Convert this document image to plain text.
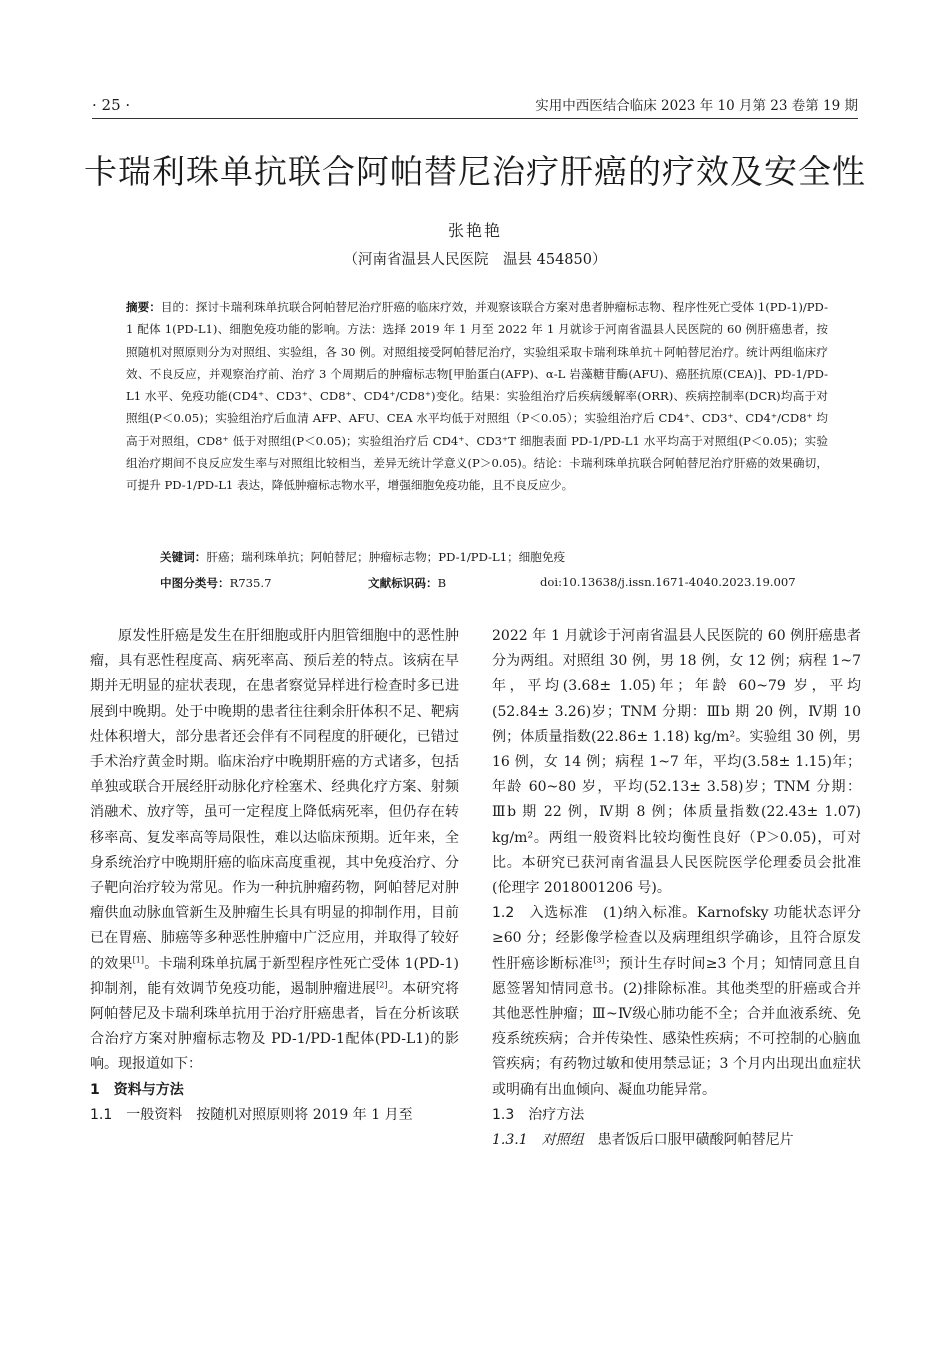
· 25 ·	实用中西医结合临床 2023 年 10 月第 23 卷第 19 期
卡瑞利珠单抗联合阿帕替尼治疗肝癌的疗效及安全性
张艳艳
（河南省温县人民医院　温县 454850）
摘要：目的：探讨卡瑞利珠单抗联合阿帕替尼治疗肝癌的临床疗效，并观察该联合方案对患者肿瘤标志物、程序性死亡受体 1(PD-1)/PD-1 配体 1(PD-L1)、细胞免疫功能的影响。方法：选择 2019 年 1 月至 2022 年 1 月就诊于河南省温县人民医院的 60 例肝癌患者，按照随机对照原则分为对照组、实验组，各 30 例。对照组接受阿帕替尼治疗，实验组采取卡瑞利珠单抗＋阿帕替尼治疗。统计两组临床疗效、不良反应，并观察治疗前、治疗 3 个周期后的肿瘤标志物[甲胎蛋白(AFP)、α-L 岩藻糖苷酶(AFU)、癌胚抗原(CEA)]、PD-1/PD-L1 水平、免疫功能(CD4⁺、CD3⁺、CD8⁺、CD4⁺/CD8⁺)变化。结果：实验组治疗后疾病缓解率(ORR)、疾病控制率(DCR)均高于对照组(P＜0.05)；实验组治疗后血清 AFP、AFU、CEA 水平均低于对照组（P＜0.05）；实验组治疗后 CD4⁺、CD3⁺、CD4⁺/CD8⁺ 均高于对照组，CD8⁺ 低于对照组(P＜0.05)；实验组治疗后 CD4⁺、CD3⁺T 细胞表面 PD-1/PD-L1 水平均高于对照组(P＜0.05)；实验组治疗期间不良反应发生率与对照组比较相当，差异无统计学意义(P＞0.05)。结论：卡瑞利珠单抗联合阿帕替尼治疗肝癌的效果确切，可提升 PD-1/PD-L1 表达，降低肿瘤标志物水平，增强细胞免疫功能，且不良反应少。
关键词：肝癌；瑞利珠单抗；阿帕替尼；肿瘤标志物；PD-1/PD-L1；细胞免疫
中图分类号：R735.7	文献标识码：B	doi:10.13638/j.issn.1671-4040.2023.19.007

原发性肝癌是发生在肝细胞或肝内胆管细胞中的恶性肿瘤，具有恶性程度高、病死率高、预后差的特点。该病在早期并无明显的症状表现，在患者察觉异样进行检查时多已进展到中晚期。处于中晚期的患者往往剩余肝体积不足、靶病灶体积增大，部分患者还会伴有不同程度的肝硬化，已错过手术治疗黄金时期。临床治疗中晚期肝癌的方式诸多，包括单独或联合开展经肝动脉化疗栓塞术、经典化疗方案、射频消融术、放疗等，虽可一定程度上降低病死率，但仍存在转移率高、复发率高等局限性，难以达临床预期。近年来，全身系统治疗中晚期肝癌的临床高度重视，其中免疫治疗、分子靶向治疗较为常见。作为一种抗肿瘤药物，阿帕替尼对肿瘤供血动脉血管新生及肿瘤生长具有明显的抑制作用，目前已在胃癌、肺癌等多种恶性肿瘤中广泛应用，并取得了较好的效果[1]。卡瑞利珠单抗属于新型程序性死亡受体 1(PD-1)抑制剂，能有效调节免疫功能，遏制肿瘤进展[2]。本研究将阿帕替尼及卡瑞利珠单抗用于治疗肝癌患者，旨在分析该联合治疗方案对肿瘤标志物及 PD-1/PD-1配体(PD-L1)的影响。现报道如下：

1　资料与方法

1.1　一般资料　 按随机对照原则将 2019 年 1 月至

2022 年 1 月就诊于河南省温县人民医院的 60 例肝癌患者分为两组。对照组 30 例，男 18 例，女 12 例；病程 1~7 年，平均(3.68± 1.05)年；年龄 60~79 岁，平均(52.84± 3.26)岁；TNM 分期：Ⅲb 期 20 例，Ⅳ期 10 例；体质量指数(22.86± 1.18) kg/m²。实验组 30 例，男 16 例，女 14 例；病程 1~7 年，平均(3.58± 1.15)年；年龄 60~80 岁，平均(52.13± 3.58)岁；TNM 分期：Ⅲb 期 22 例，Ⅳ期 8 例；体质量指数(22.43± 1.07) kg/m²。两组一般资料比较均衡性良好（P＞0.05)，可对比。本研究已获河南省温县人民医院医学伦理委员会批准(伦理字 2018001206 号)。

1.2　入选标准　 (1)纳入标准。Karnofsky 功能状态评分≥60 分；经影像学检查以及病理组织学确诊，且符合原发性肝癌诊断标准[3]；预计生存时间≥3 个月；知情同意且自愿签署知情同意书。(2)排除标准。其他类型的肝癌或合并其他恶性肿瘤；Ⅲ~Ⅳ级心肺功能不全；合并血液系统、免疫系统疾病；合并传染性、感染性疾病；不可控制的心脑血管疾病；有药物过敏和使用禁忌证；3 个月内出现出血症状或明确有出血倾向、凝血功能异常。

1.3　治疗方法

1.3.1　对照组　 患者饭后口服甲磺酸阿帕替尼片
